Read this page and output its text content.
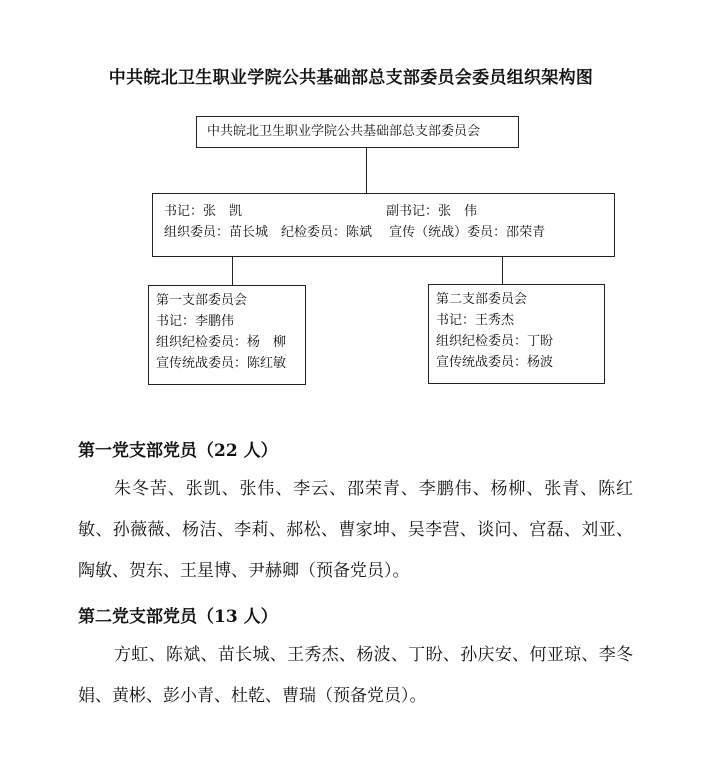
中共皖北卫生职业学院公共基础部总支部委员会委员组织架构图
中共皖北卫生职业学院公共基础部总支部委员会
书记：张　凯	副书记：张　伟
组织委员：苗长城　纪检委员：陈斌　 宣传（统战）委员：邵荣青
第一支部委员会
书记：李鹏伟
组织纪检委员：杨　柳
宣传统战委员：陈红敏
第二支部委员会
书记：王秀杰
组织纪检委员：丁盼
宣传统战委员：杨波
第一党支部党员（22 人）
朱冬苦、张凯、张伟、李云、邵荣青、李鹏伟、杨柳、张青、陈红敏、孙薇薇、杨洁、李莉、郝松、曹家坤、吴李营、谈问、宫磊、刘亚、陶敏、贺东、王星博、尹赫卿（预备党员）。
第二党支部党员（13 人）
方虹、陈斌、苗长城、王秀杰、杨波、丁盼、孙庆安、何亚琼、李冬娟、黄彬、彭小青、杜乾、曹瑞（预备党员）。
